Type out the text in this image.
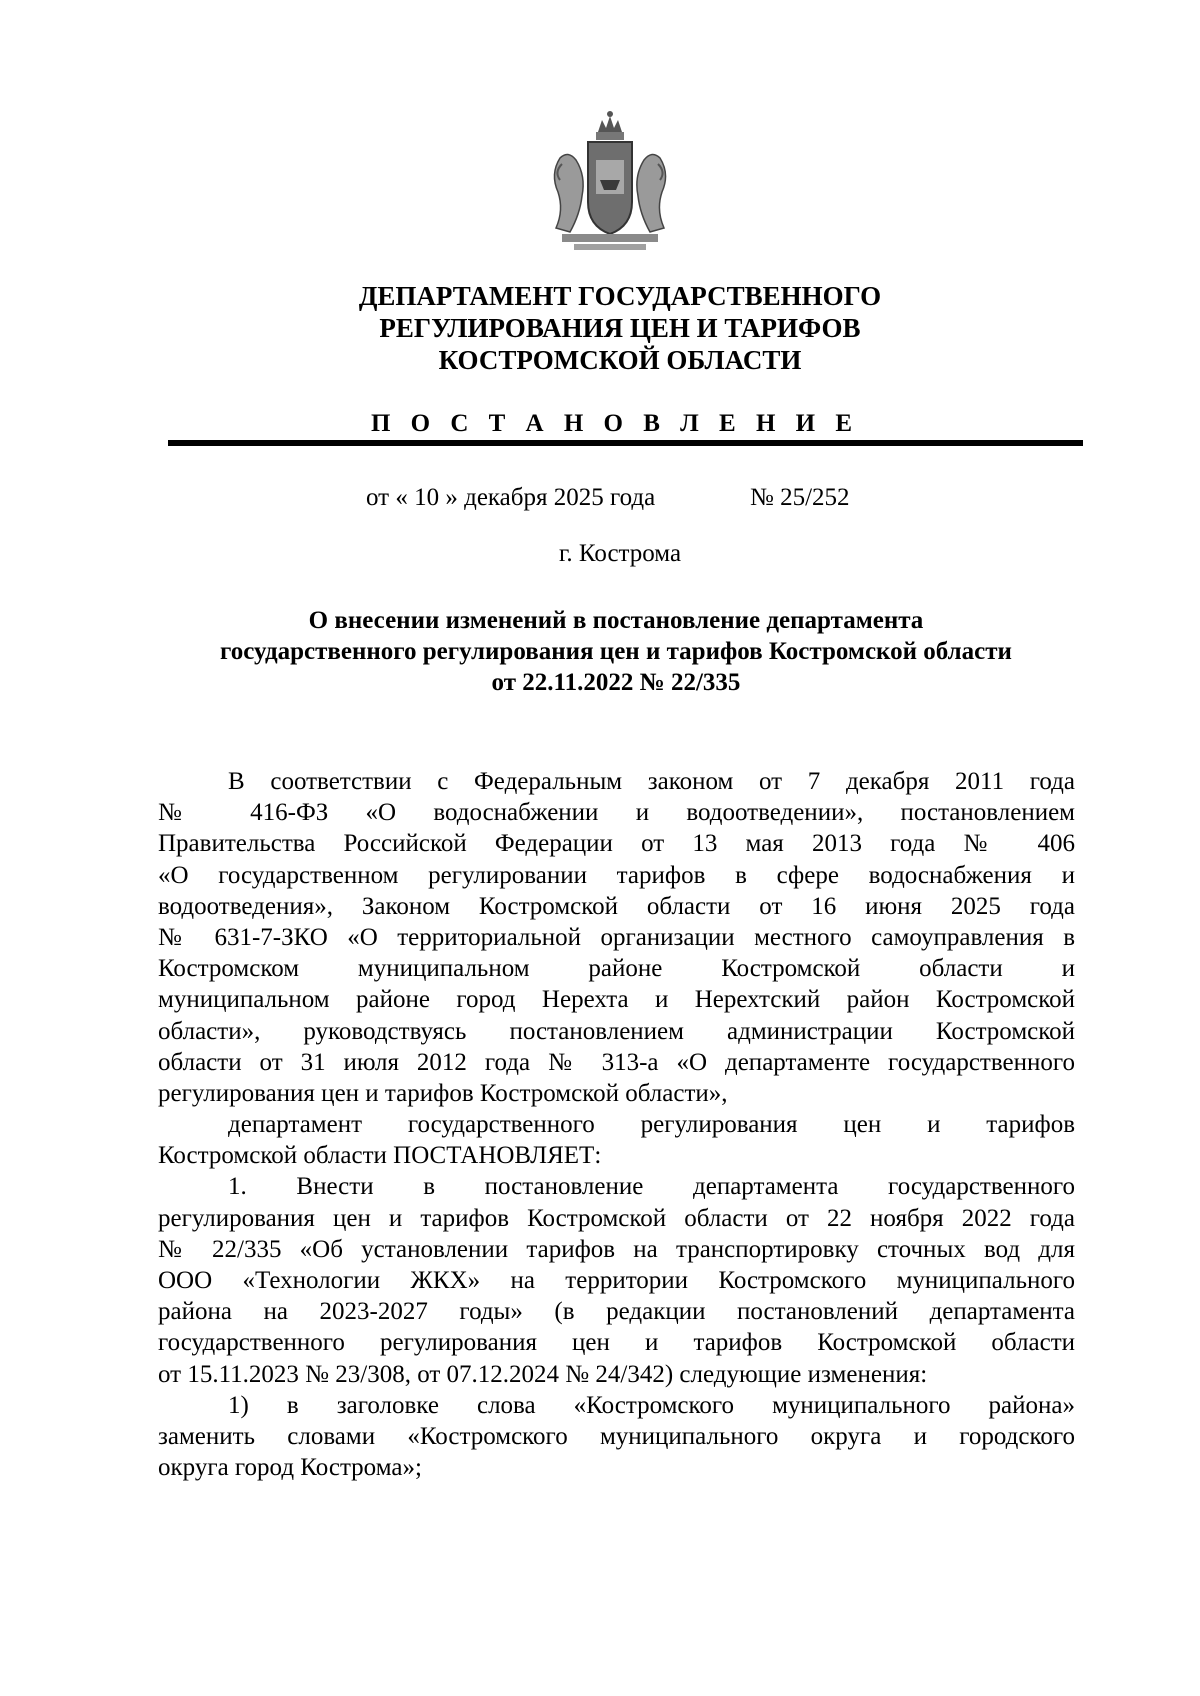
ДЕПАРТАМЕНТ ГОСУДАРСТВЕННОГО
РЕГУЛИРОВАНИЯ ЦЕН И ТАРИФОВ
КОСТРОМСКОЙ ОБЛАСТИ
П О С Т А Н О В Л Е Н И Е
от « 10 » декабря 2025 года	№ 25/252
г. Кострома
О внесении изменений в постановление департамента
государственного регулирования цен и тарифов Костромской области
от 22.11.2022 № 22/335
В соответствии с Федеральным законом от 7 декабря 2011 года
№ 416-ФЗ «О водоснабжении и водоотведении», постановлением
Правительства Российской Федерации от 13 мая 2013 года № 406
«О государственном регулировании тарифов в сфере водоснабжения и
водоотведения», Законом Костромской области от 16 июня 2025 года
№ 631-7-ЗКО «О территориальной организации местного самоуправления в
Костромском муниципальном районе Костромской области и
муниципальном районе город Нерехта и Нерехтский район Костромской
области», руководствуясь постановлением администрации Костромской
области от 31 июля 2012 года № 313-а «О департаменте государственного
регулирования цен и тарифов Костромской области»,
департамент государственного регулирования цен и тарифов
Костромской области ПОСТАНОВЛЯЕТ:
1. Внести в постановление департамента государственного
регулирования цен и тарифов Костромской области от 22 ноября 2022 года
№ 22/335 «Об установлении тарифов на транспортировку сточных вод для
ООО «Технологии ЖКХ» на территории Костромского муниципального
района на 2023-2027 годы» (в редакции постановлений департамента
государственного регулирования цен и тарифов Костромской области
от 15.11.2023 № 23/308, от 07.12.2024 № 24/342) следующие изменения:
1) в заголовке слова «Костромского муниципального района»
заменить словами «Костромского муниципального округа и городского
округа город Кострома»;
